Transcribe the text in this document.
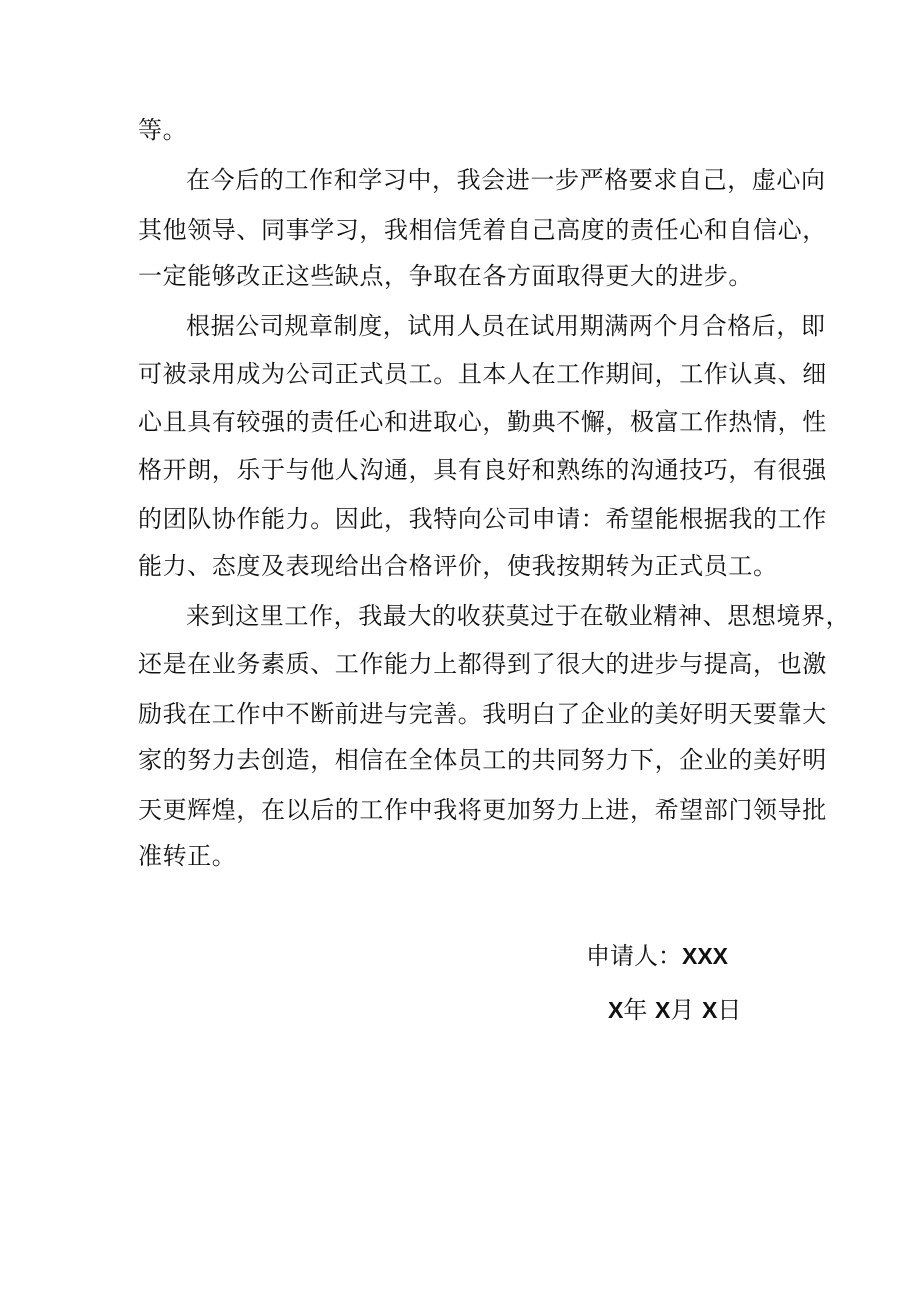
等。
在今后的工作和学习中，我会进一步严格要求自己，虚心向
其他领导、同事学习，我相信凭着自己高度的责任心和自信心，
一定能够改正这些缺点，争取在各方面取得更大的进步。
根据公司规章制度，试用人员在试用期满两个月合格后，即
可被录用成为公司正式员工。且本人在工作期间，工作认真、细
心且具有较强的责任心和进取心，勤典不懈，极富工作热情，性
格开朗，乐于与他人沟通，具有良好和熟练的沟通技巧，有很强
的团队协作能力。因此，我特向公司申请：希望能根据我的工作
能力、态度及表现给出合格评价，使我按期转为正式员工。
来到这里工作，我最大的收获莫过于在敬业精神、思想境界，
还是在业务素质、工作能力上都得到了很大的进步与提高，也激
励我在工作中不断前进与完善。我明白了企业的美好明天要靠大
家的努力去创造，相信在全体员工的共同努力下，企业的美好明
天更辉煌，在以后的工作中我将更加努力上进，希望部门领导批
准转正。
申请人：XXX
X年 X月 X日
